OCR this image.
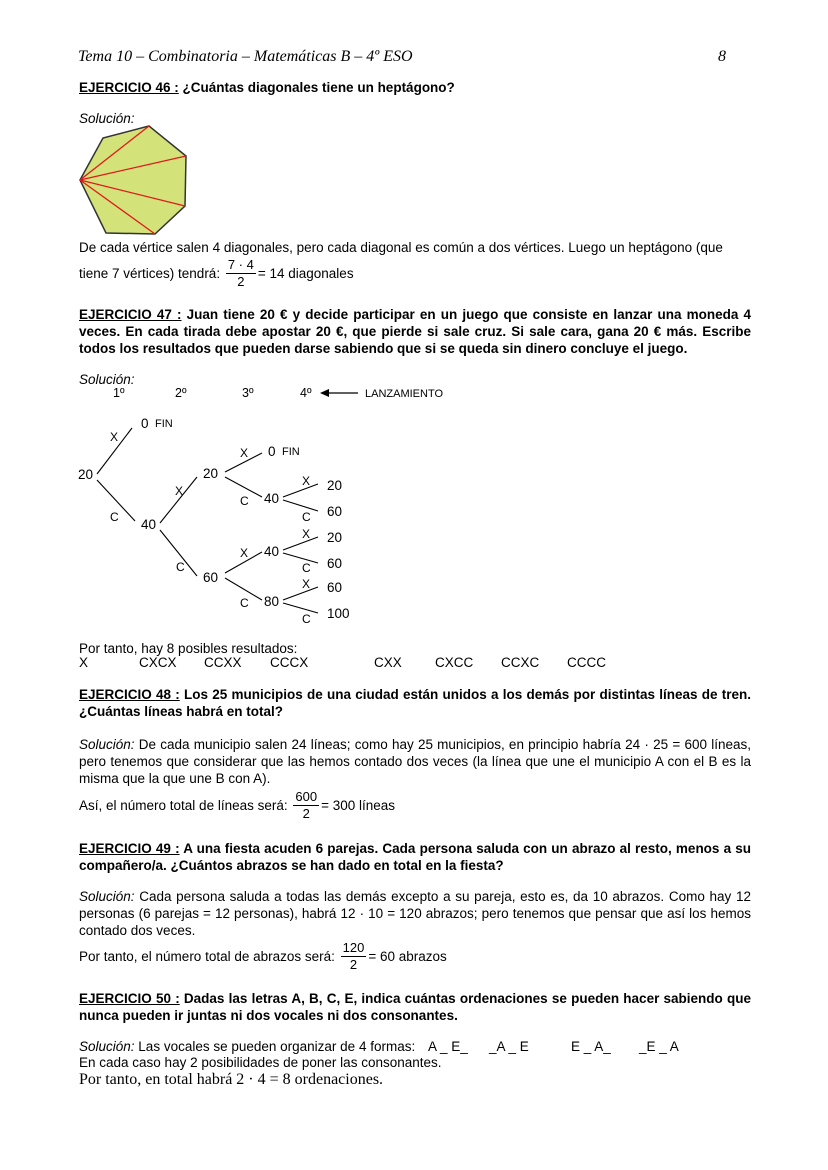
Tema 10 – Combinatoria – Matemáticas B – 4º ESO	8
EJERCICIO 46 : ¿Cuántas diagonales tiene un heptágono?
Solución:
De cada vértice salen 4 diagonales, pero cada diagonal es común a dos vértices. Luego un heptágono (que
tiene 7 vértices) tendrá:
$\frac{7 \cdot 4}{2} = 14$ diagonales
EJERCICIO 47 : Juan tiene 20 € y decide participar en un juego que consiste en lanzar una moneda 4 veces. En cada tirada debe apostar 20 €, que pierde si sale cruz. Si sale cara, gana 20 € más. Escribe todos los resultados que pueden darse sabiendo que si se queda sin dinero concluye el juego.
Solución:
1º	2º	3º	4º	LANZAMIENTO
20
X
0 FIN
C 40
X
20
C
60
X 0 FIN
C 40
X 40
C 80
X
C
X
C
X
C
20
60
20
60
60
100
Por tanto, hay 8 posibles resultados:
X	CXCX CCXX CCCX	CXX CXCC CCXC CCCC
EJERCICIO 48 : Los 25 municipios de una ciudad están unidos a los demás por distintas líneas de tren. ¿Cuántas líneas habrá en total?
Solución: De cada municipio salen 24 líneas; como hay 25 municipios, en principio habría 24 · 25 = 600 líneas, pero tenemos que considerar que las hemos contado dos veces (la línea que une el municipio A con el B es la misma que la que une B con A).
Así, el número total de líneas será:
$\frac{600}{2} = 300$ líneas
EJERCICIO 49 : A una fiesta acuden 6 parejas. Cada persona saluda con un abrazo al resto, menos a su compañero/a. ¿Cuántos abrazos se han dado en total en la fiesta?
Solución: Cada persona saluda a todas las demás excepto a su pareja, esto es, da 10 abrazos. Como hay 12 personas (6 parejas = 12 personas), habrá 12 · 10 = 120 abrazos; pero tenemos que pensar que así los hemos contado dos veces.
Por tanto, el número total de abrazos será:
$\frac{120}{2} = 60$ abrazos
EJERCICIO 50 : Dadas las letras A, B, C, E, indica cuántas ordenaciones se pueden hacer sabiendo que nunca pueden ir juntas ni dos vocales ni dos consonantes.
Solución: Las vocales se pueden organizar de 4 formas: A _ E_ _A _ E	E _ A_ _E _ A
En cada caso hay 2 posibilidades de poner las consonantes.
Por tanto, en total habrá 2 · 4 = 8 ordenaciones.
